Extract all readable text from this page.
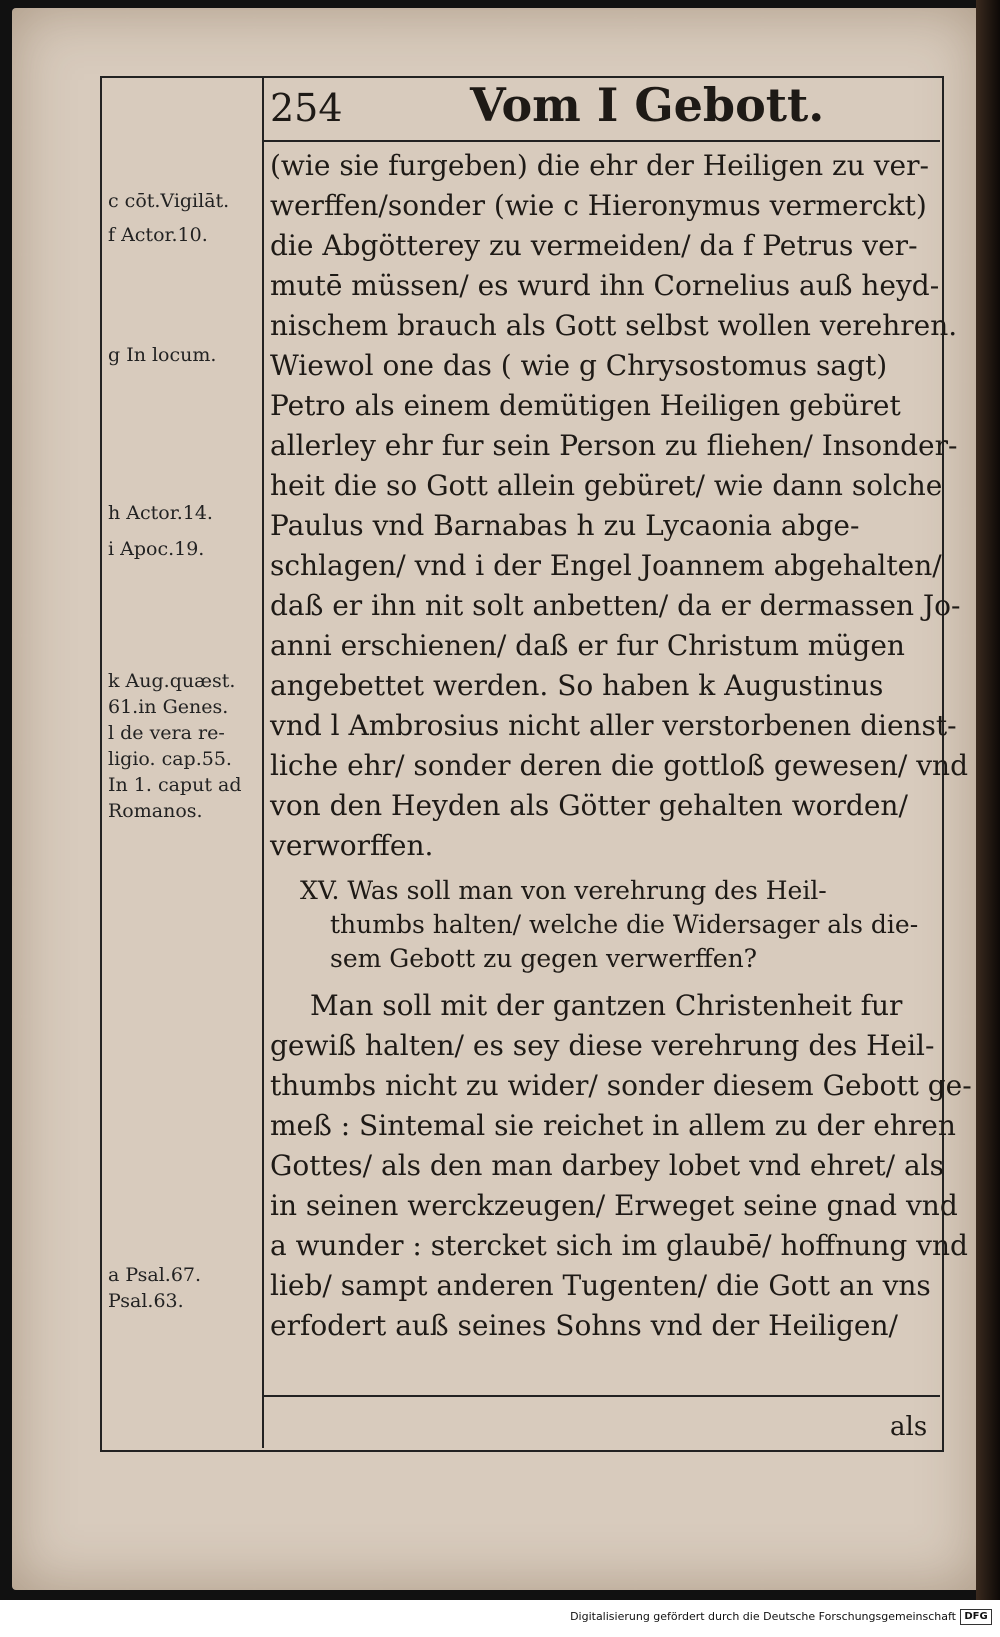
254	Vom I Gebott.
c cōt.Vigilāt.
f Actor.10.
g In locum.
h Actor.14.
i Apoc.19.
k Aug.quæst.
61.in Genes.
l de vera re-
ligio. cap.55.
In 1. caput ad
Romanos.
a Psal.67.
Psal.63.
(wie sie furgeben) die ehr der Heiligen zu ver-
werffen/sonder (wie c Hieronymus vermerckt)
die Abgötterey zu vermeiden/ da f Petrus ver-
mutē müssen/ es wurd ihn Cornelius auß heyd-
nischem brauch als Gott selbst wollen verehren.
Wiewol one das ( wie g Chrysostomus sagt)
Petro als einem demütigen Heiligen gebüret
allerley ehr fur sein Person zu fliehen/ Insonder-
heit die so Gott allein gebüret/ wie dann solche
Paulus vnd Barnabas h zu Lycaonia abge-
schlagen/ vnd i der Engel Joannem abgehalten/
daß er ihn nit solt anbetten/ da er dermassen Jo-
anni erschienen/ daß er fur Christum mügen
angebettet werden. So haben k Augustinus
vnd l Ambrosius nicht aller verstorbenen dienst-
liche ehr/ sonder deren die gottloß gewesen/ vnd
von den Heyden als Götter gehalten worden/
verworffen.
XV. Was soll man von verehrung des Heil-
thumbs halten/ welche die Widersager als die-
sem Gebott zu gegen verwerffen?
Man soll mit der gantzen Christenheit fur
gewiß halten/ es sey diese verehrung des Heil-
thumbs nicht zu wider/ sonder diesem Gebott ge-
meß : Sintemal sie reichet in allem zu der ehren
Gottes/ als den man darbey lobet vnd ehret/ als
in seinen werckzeugen/ Erweget seine gnad vnd
a wunder : stercket sich im glaubē/ hoffnung vnd
lieb/ sampt anderen Tugenten/ die Gott an vns
erfodert auß seines Sohns vnd der Heiligen/
als
Digitalisierung gefördert durch die Deutsche Forschungsgemeinschaft DFG
